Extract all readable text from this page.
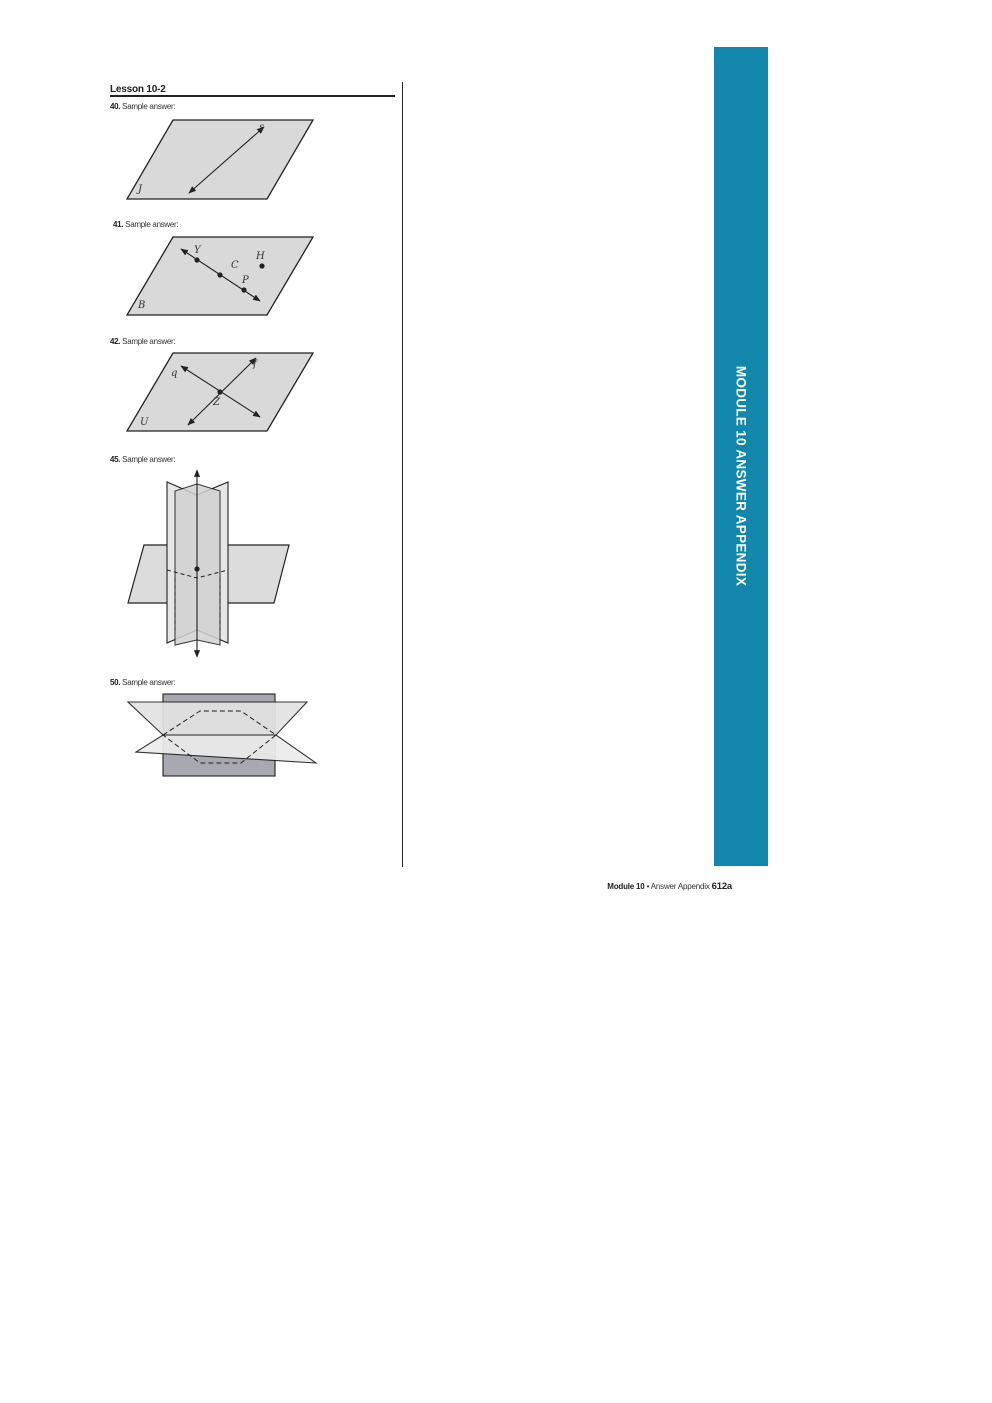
Lesson 10-2
40. Sample answer:
41. Sample answer:
42. Sample answer:
45. Sample answer:
50. Sample answer:
J
s
B
Y
C
P
H
U
q
f
Z	MODULE 10 ANSWER APPENDIX
Module 10 • Answer Appendix 612a
